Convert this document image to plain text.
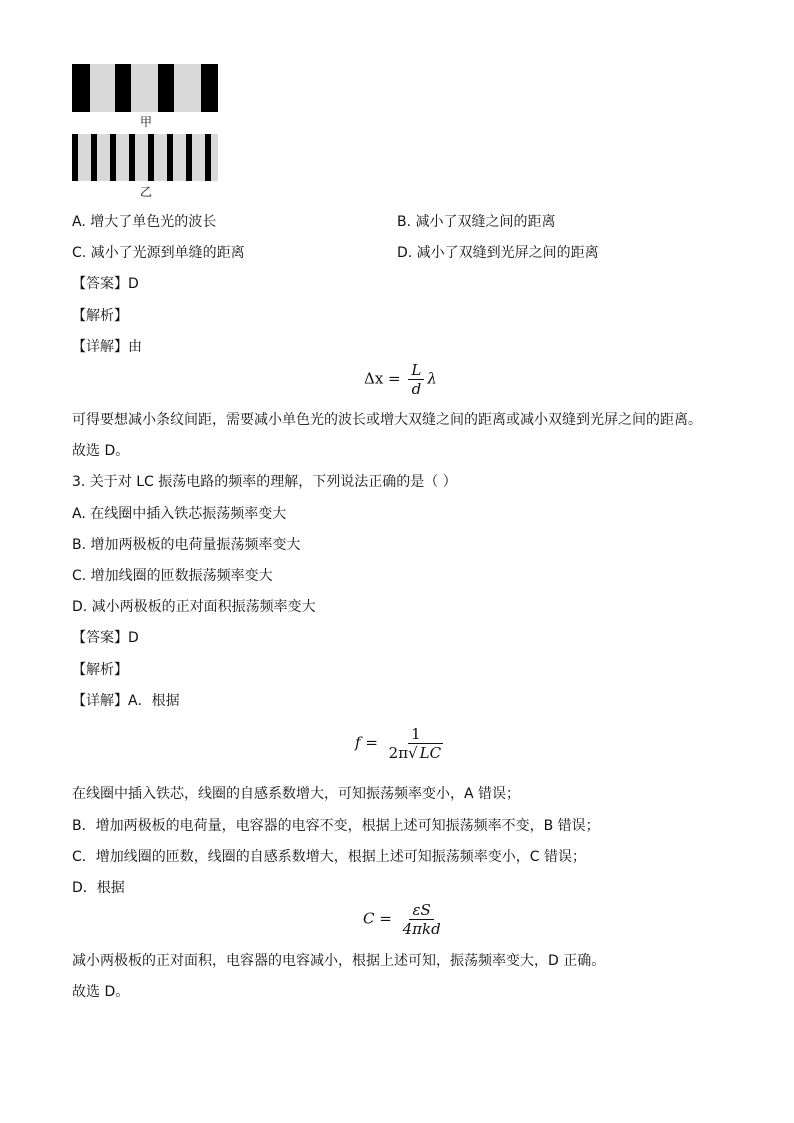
甲
乙
A. 增大了单色光的波长	B. 减小了双缝之间的距离
C. 减小了光源到单缝的距离	D. 减小了双缝到光屏之间的距离
【答案】D
【解析】
【详解】由
$\Delta x = \frac{L}{d}$ λ
可得要想减小条纹间距，需要减小单色光的波长或增大双缝之间的距离或减小双缝到光屏之间的距离。
故选 D。
3. 关于对 LC 振荡电路的频率的理解，下列说法正确的是（ ）
A. 在线圈中插入铁芯振荡频率变大
B. 增加两极板的电荷量振荡频率变大
C. 增加线圈的匝数振荡频率变大
D. 减小两极板的正对面积振荡频率变大
【答案】D
【解析】
【详解】A．根据
$f = \frac{1}{2\pi√ LC}$
在线圈中插入铁芯，线圈的自感系数增大，可知振荡频率变小，A 错误；
B．增加两极板的电荷量，电容器的电容不变，根据上述可知振荡频率不变，B 错误；
C．增加线圈的匝数，线圈的自感系数增大，根据上述可知振荡频率变小，C 错误；
D．根据
$C = \frac{\varepsilon S}{\text{4πkd}}$
减小两极板的正对面积，电容器的电容减小，根据上述可知，振荡频率变大，D 正确。
故选 D。
